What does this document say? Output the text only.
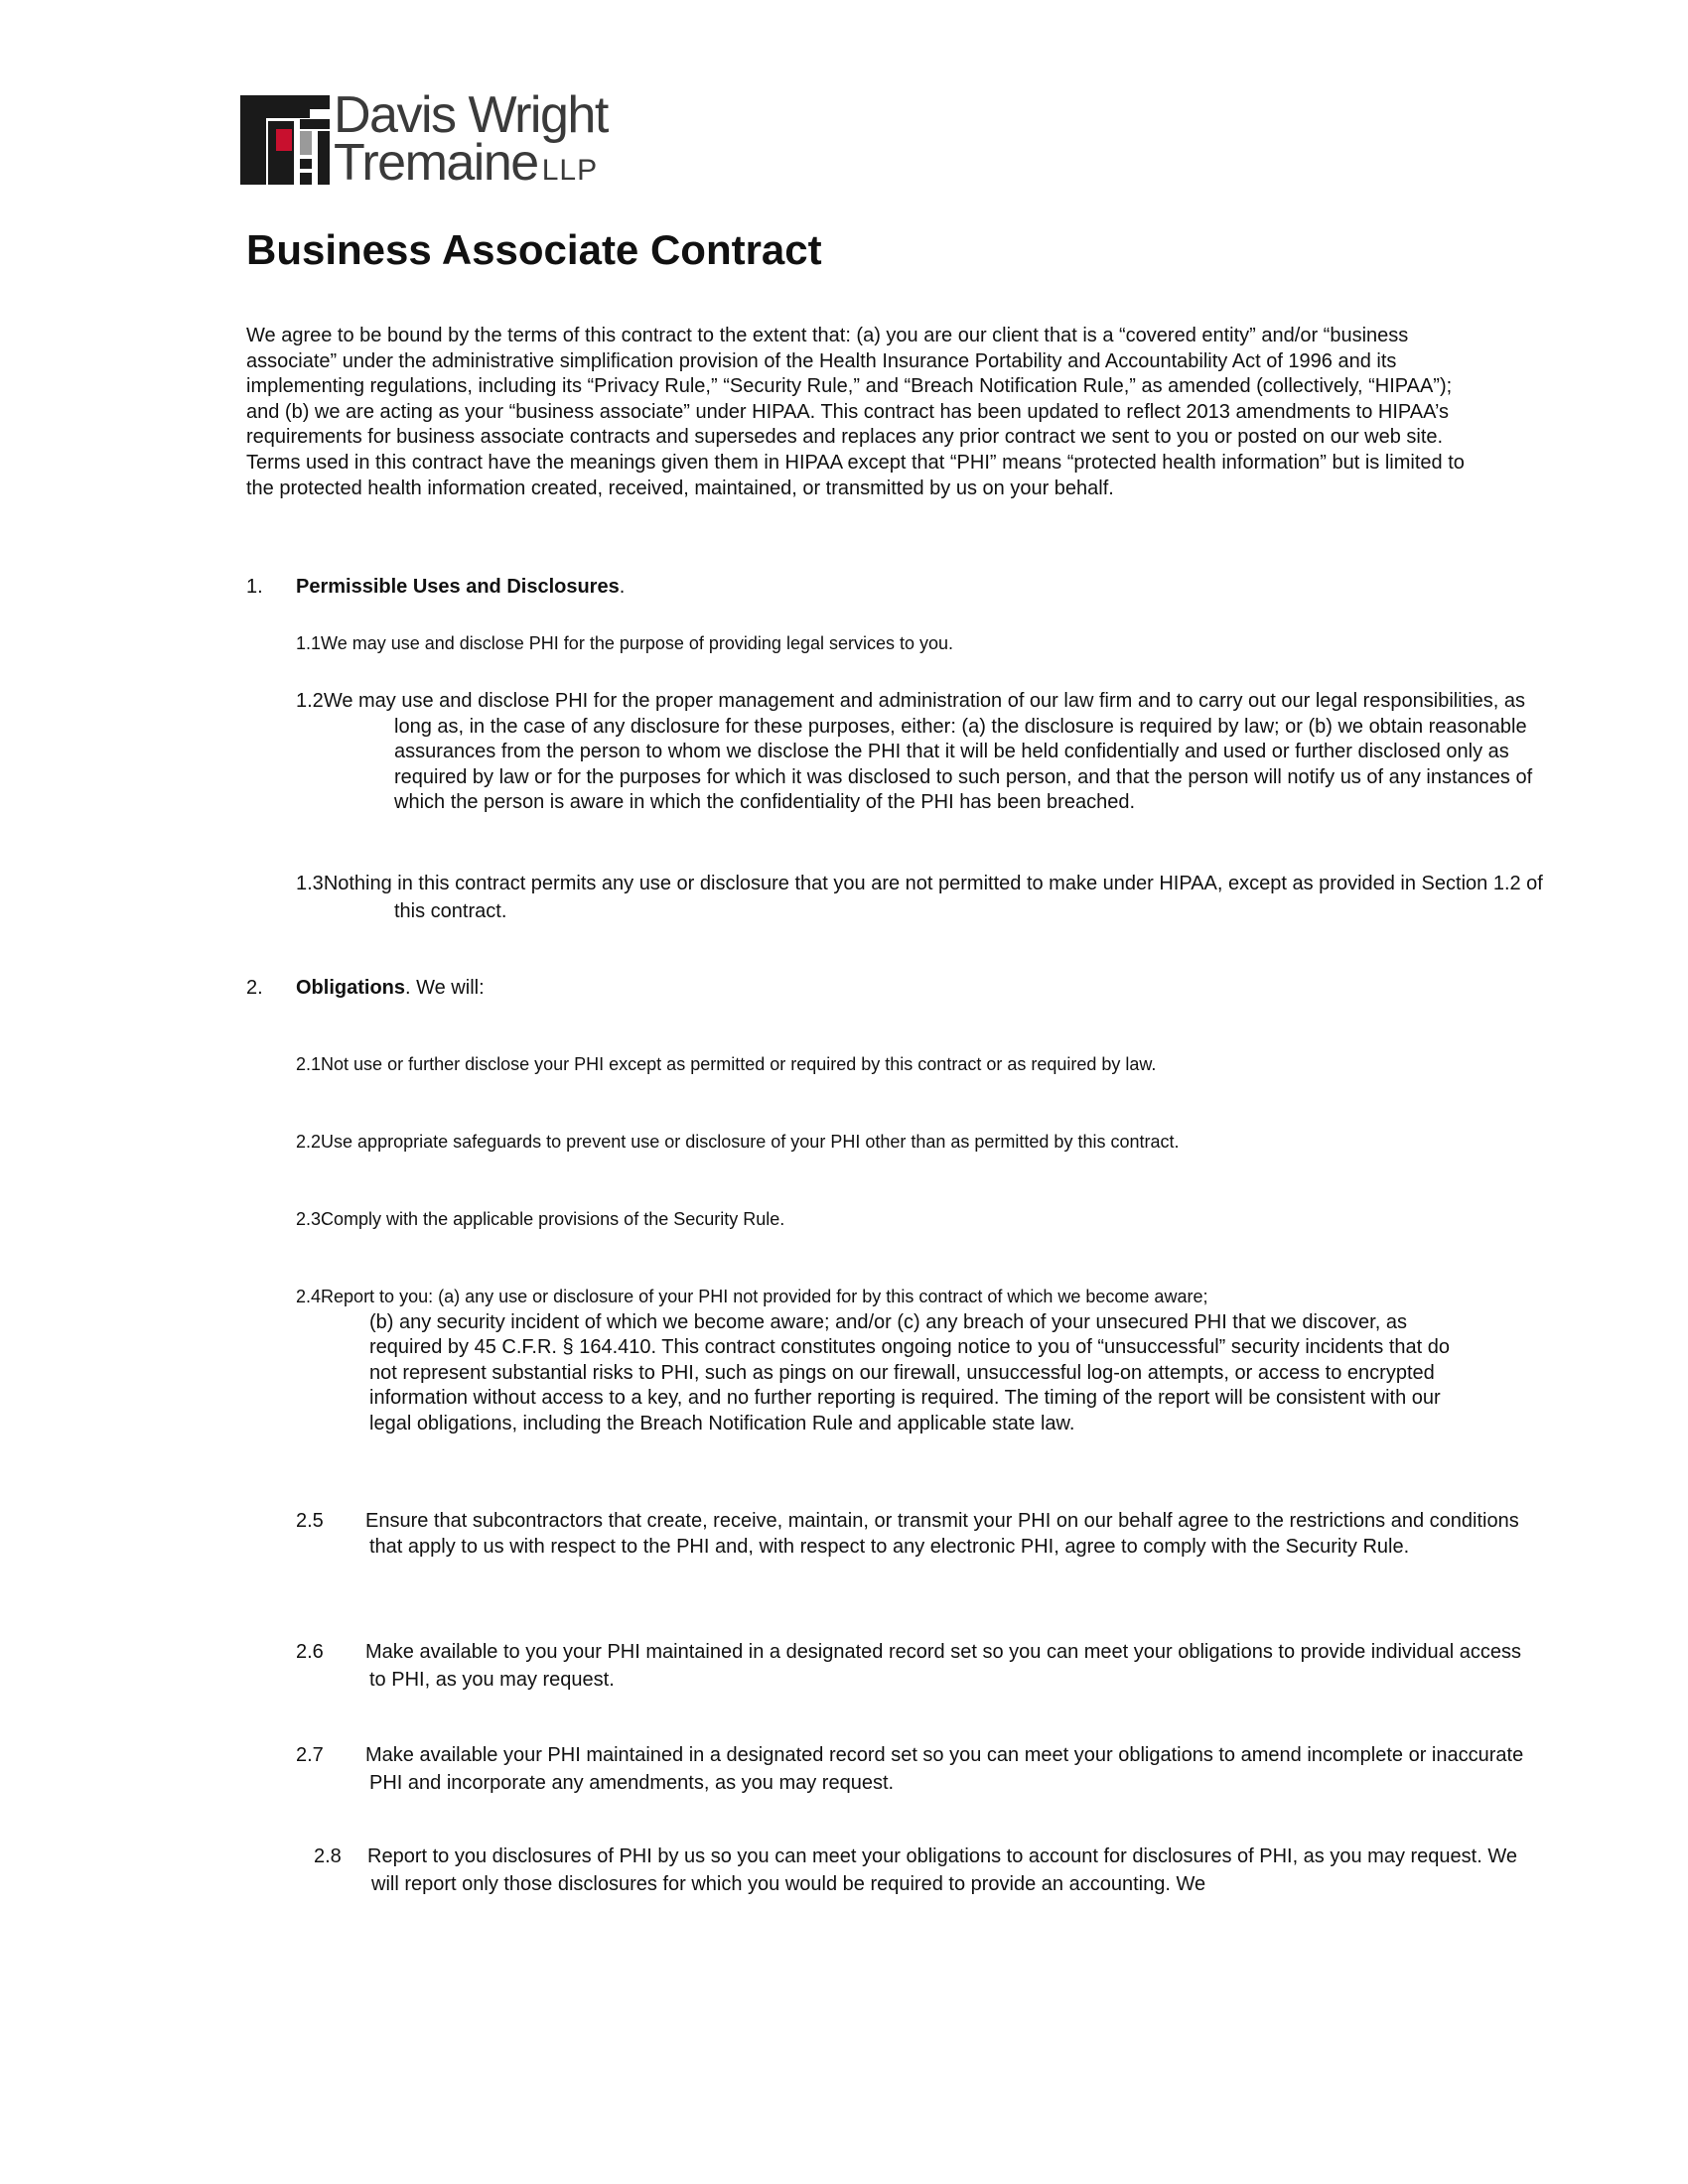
Davis Wright
Tremaine LLP
Business Associate Contract

We agree to be bound by the terms of this contract to the extent that: (a) you are our client that is a “covered entity” and/or “business associate” under the administrative simplification provision of the Health Insurance Portability and Accountability Act of 1996 and its implementing regulations, including its “Privacy Rule,” “Security Rule,” and “Breach Notification Rule,” as amended (collectively, “HIPAA”); and (b) we are acting as your “business associate” under HIPAA. This contract has been updated to reflect 2013 amendments to HIPAA’s requirements for business associate contracts and supersedes and replaces any prior contract we sent to you or posted on our web site. Terms used in this contract have the meanings given them in HIPAA except that “PHI” means “protected health information” but is limited to the protected health information created, received, maintained, or transmitted by us on your behalf.

1. Permissible Uses and Disclosures.

1.1We may use and disclose PHI for the purpose of providing legal services to you.

1.2We may use and disclose PHI for the proper management and administration of our law firm and to carry out our legal responsibilities, as long as, in the case of any disclosure for these purposes, either: (a) the disclosure is required by law; or (b) we obtain reasonable assurances from the person to whom we disclose the PHI that it will be held confidentially and used or further disclosed only as required by law or for the purposes for which it was disclosed to such person, and that the person will notify us of any instances of which the person is aware in which the confidentiality of the PHI has been breached.

1.3Nothing in this contract permits any use or disclosure that you are not permitted to make under HIPAA, except as provided in Section 1.2 of this contract.

2. Obligations. We will:

2.1Not use or further disclose your PHI except as permitted or required by this contract or as required by law.

2.2Use appropriate safeguards to prevent use or disclosure of your PHI other than as permitted by this contract.

2.3Comply with the applicable provisions of the Security Rule.

2.4Report to you: (a) any use or disclosure of your PHI not provided for by this contract of which we become aware;
(b) any security incident of which we become aware; and/or (c) any breach of your unsecured PHI that we discover, as required by 45 C.F.R. § 164.410. This contract constitutes ongoing notice to you of “unsuccessful” security incidents that do not represent substantial risks to PHI, such as pings on our firewall, unsuccessful log-on attempts, or access to encrypted information without access to a key, and no further reporting is required. The timing of the report will be consistent with our legal obligations, including the Breach Notification Rule and applicable state law.

2.5 Ensure that subcontractors that create, receive, maintain, or transmit your PHI on our behalf agree to the restrictions and conditions that apply to us with respect to the PHI and, with respect to any electronic PHI, agree to comply with the Security Rule.

2.6 Make available to you your PHI maintained in a designated record set so you can meet your obligations to provide individual access to PHI, as you may request.

2.7 Make available your PHI maintained in a designated record set so you can meet your obligations to amend incomplete or inaccurate PHI and incorporate any amendments, as you may request.

2.8 Report to you disclosures of PHI by us so you can meet your obligations to account for disclosures of PHI, as you may request. We will report only those disclosures for which you would be required to provide an accounting. We
